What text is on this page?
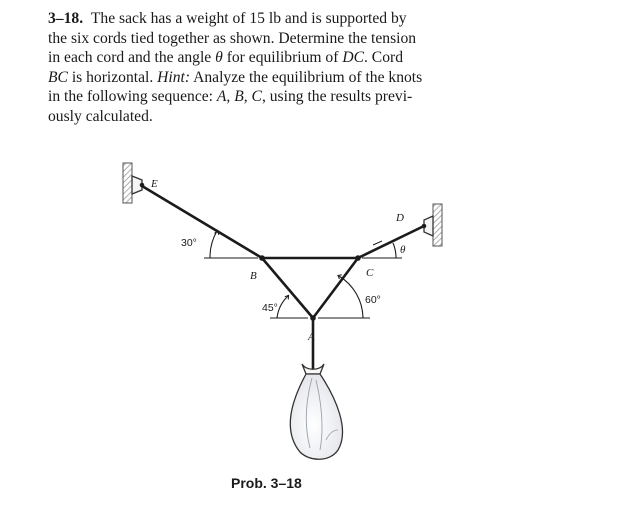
3–18.  The sack has a weight of 15 lb and is supported by
the six cords tied together as shown. Determine the tension
in each cord and the angle θ for equilibrium of DC. Cord
BC is horizontal. Hint: Analyze the equilibrium of the knots
in the following sequence: A, B, C, using the results previ-
ously calculated.
E
D
B	C
A
30°
45°
60°
θ
Prob. 3–18
